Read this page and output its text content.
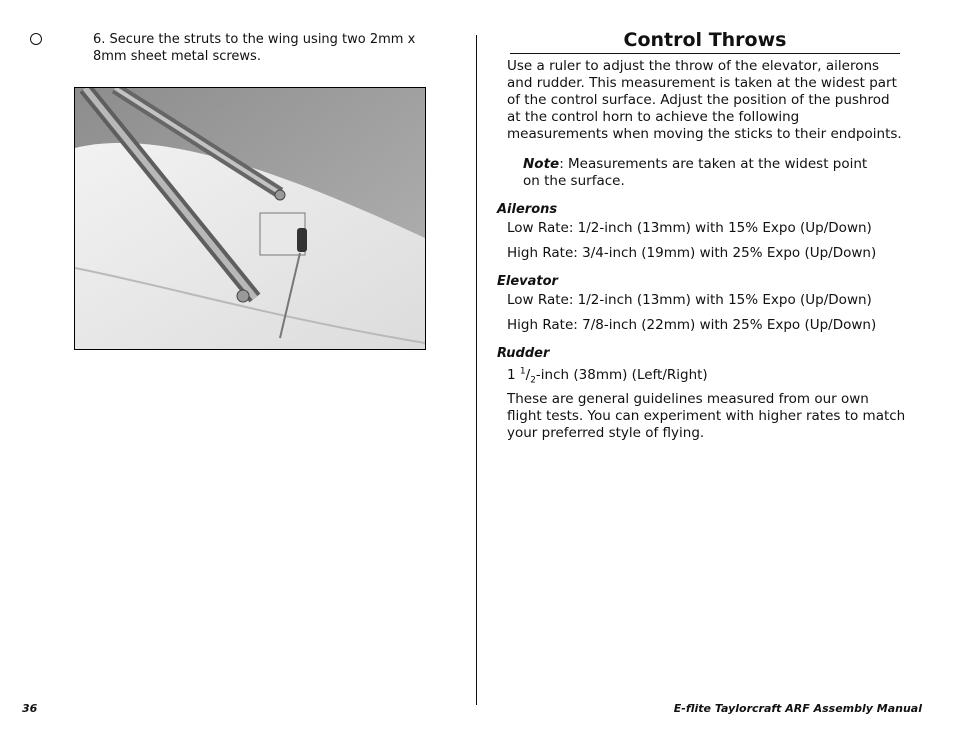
6. Secure the struts to the wing using two 2mm x 8mm sheet metal screws.
Control Throws
Use a ruler to adjust the throw of the elevator, ailerons and rudder. This measurement is taken at the widest part of the control surface. Adjust the position of the pushrod at the control horn to achieve the following measurements when moving the sticks to their endpoints.
Note: Measurements are taken at the widest point on the surface.
Ailerons
Low Rate: 1/2-inch (13mm) with 15% Expo (Up/Down)
High Rate: 3/4-inch (19mm) with 25% Expo (Up/Down)
Elevator
Low Rate: 1/2-inch (13mm) with 15% Expo (Up/Down)
High Rate: 7/8-inch (22mm) with 25% Expo (Up/Down)
Rudder
1 $^1/_2$-inch (38mm) (Left/Right)
These are general guidelines measured from our own flight tests. You can experiment with higher rates to match your preferred style of flying.
36	E-flite Taylorcraft ARF Assembly Manual
